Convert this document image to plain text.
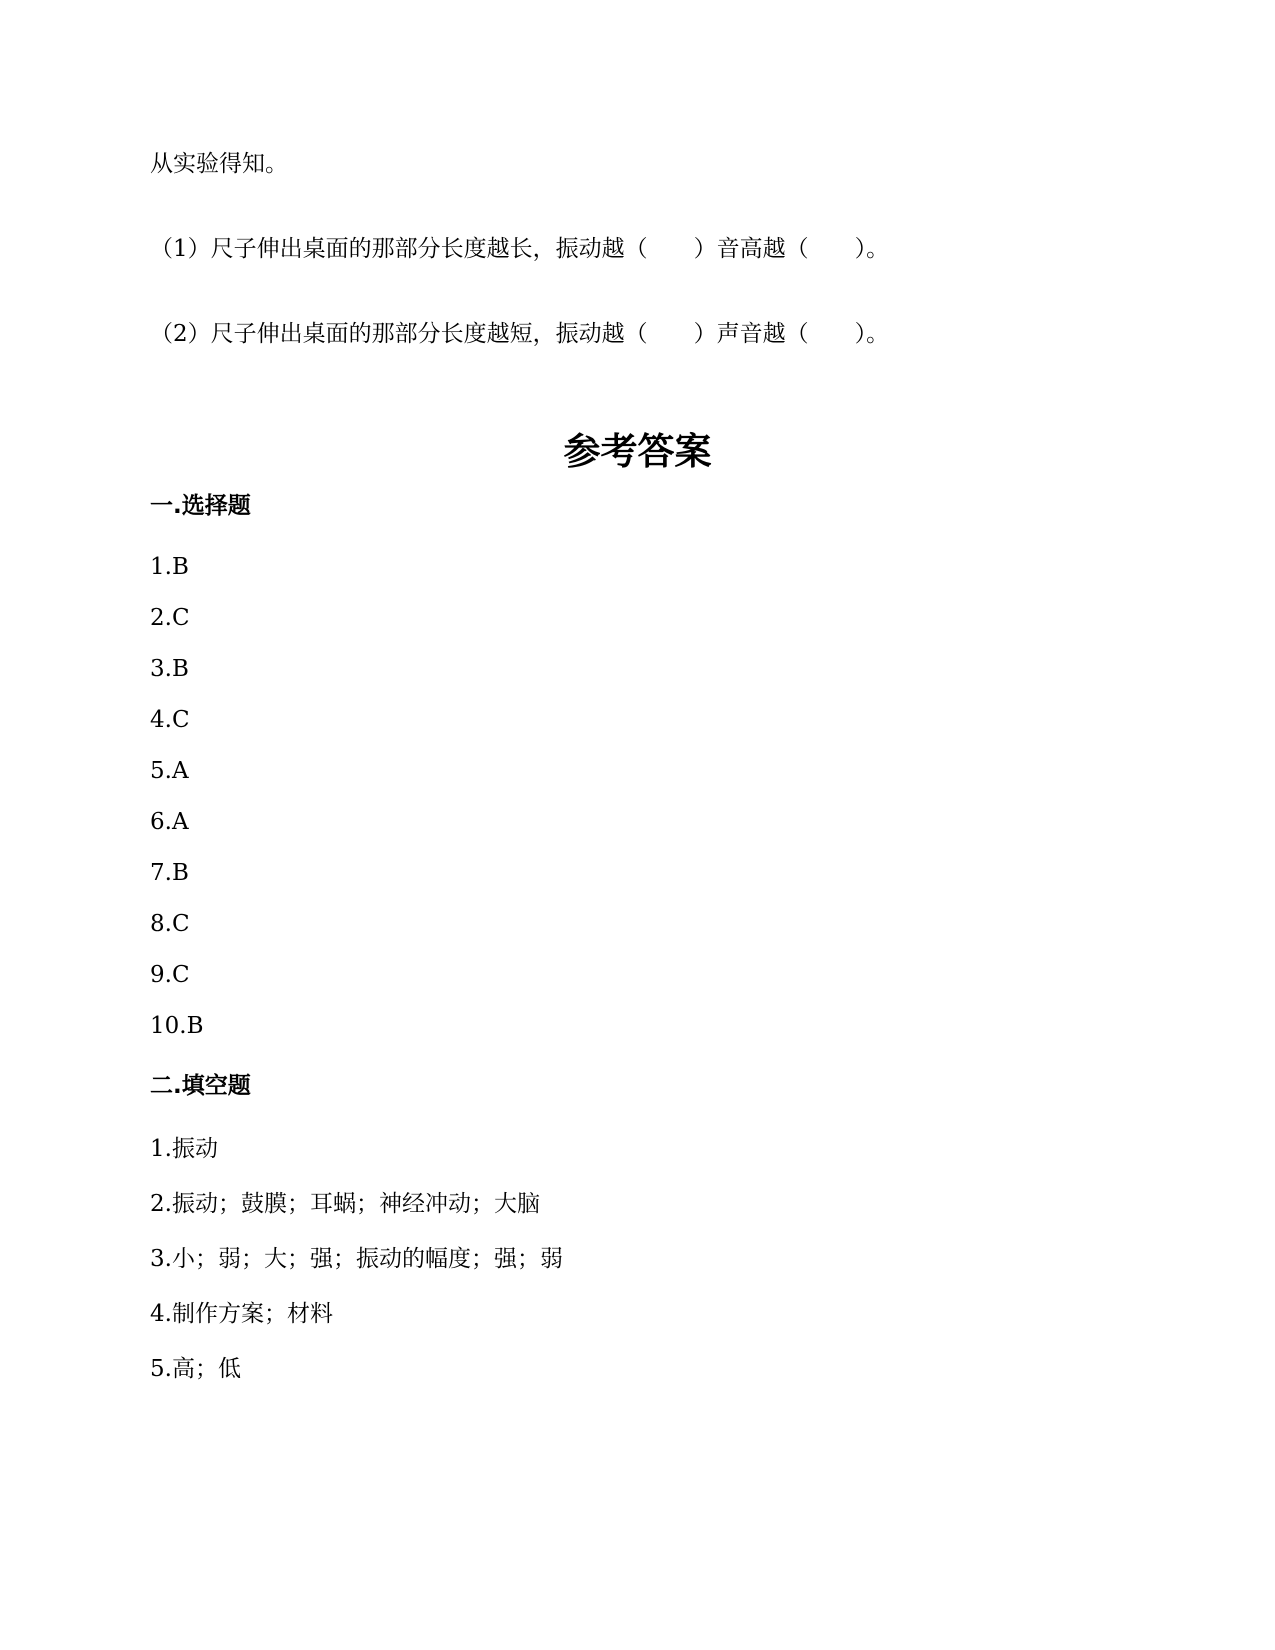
从实验得知。
（1）尺子伸出桌面的那部分长度越长，振动越（　　）音高越（　　）。
（2）尺子伸出桌面的那部分长度越短，振动越（　　）声音越（　　）。
参考答案
一.选择题
1.B
2.C
3.B
4.C
5.A
6.A
7.B
8.C
9.C
10.B
二.填空题
1.振动
2.振动；鼓膜；耳蜗；神经冲动；大脑
3.小；弱；大；强；振动的幅度；强；弱
4.制作方案；材料
5.高；低
